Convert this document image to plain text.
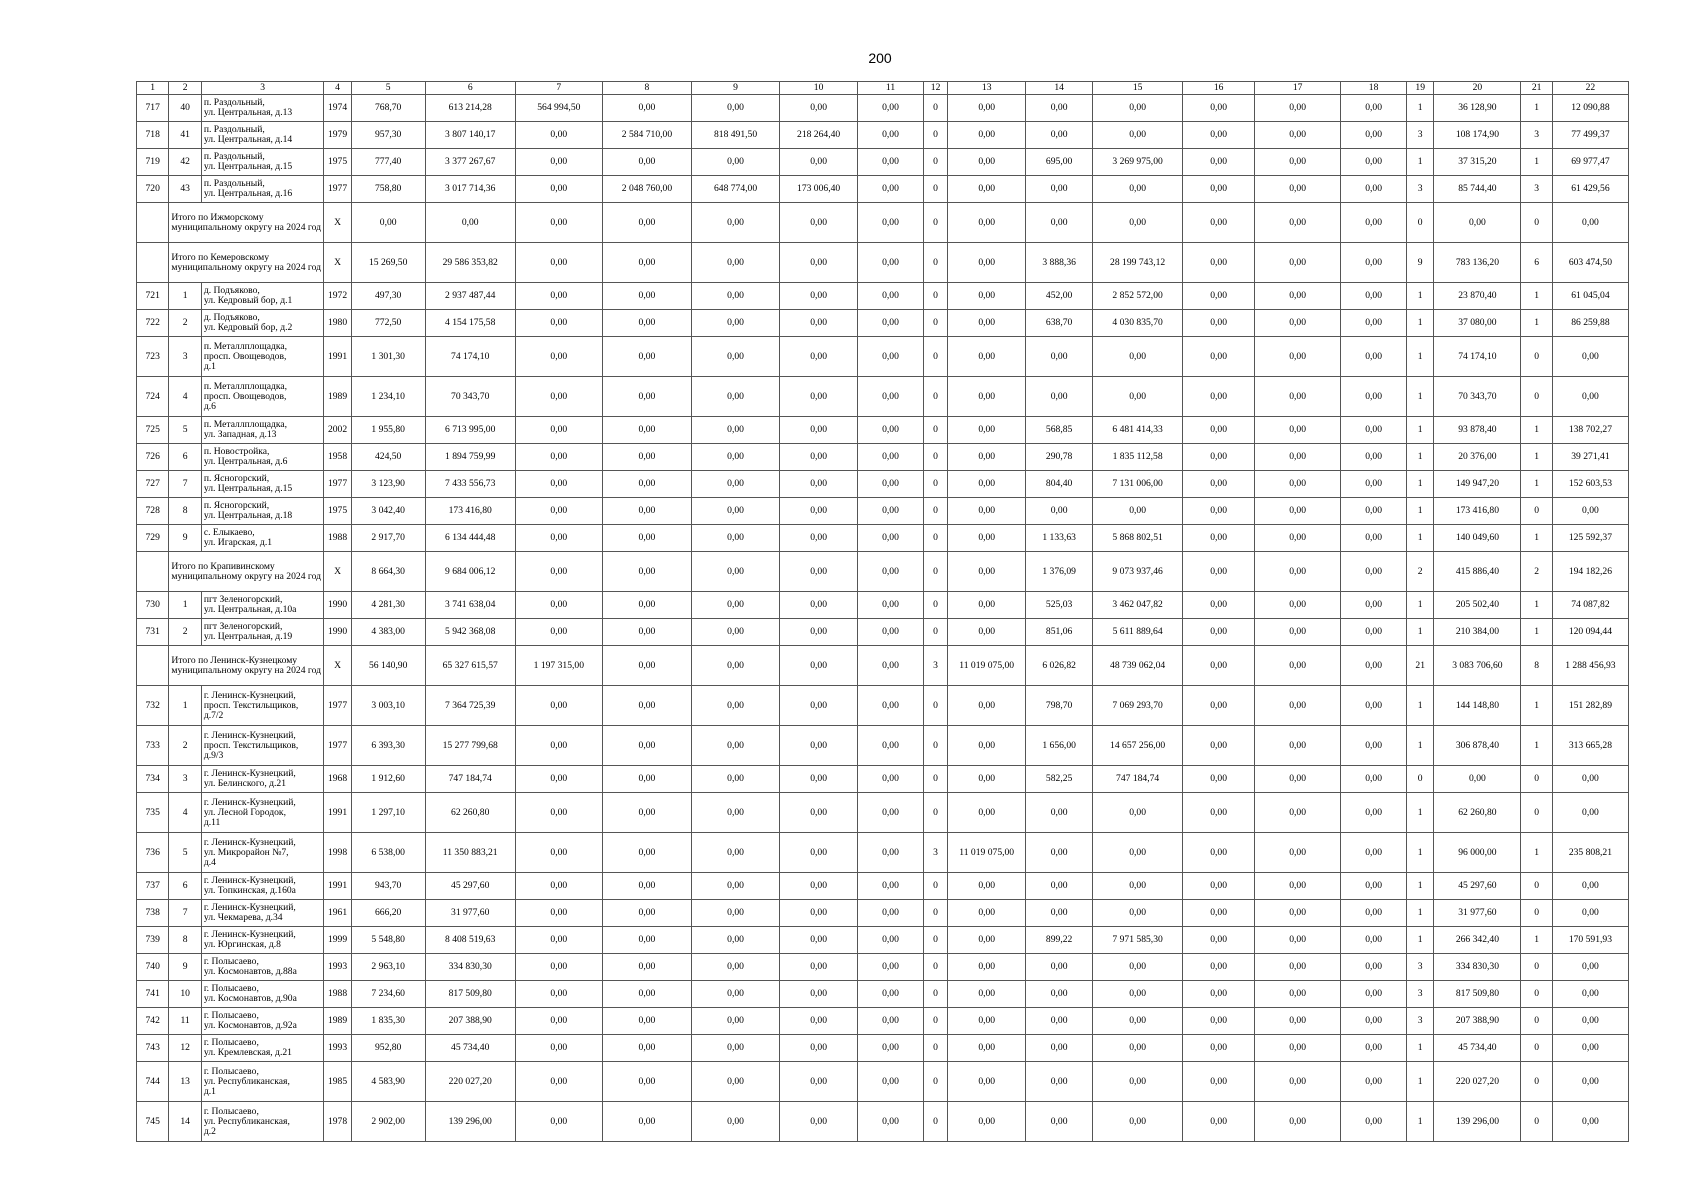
200
1	2	3	4	5	6	7	8	9	10	11	12	13	14	15	16	17	18	19	20	21	22
717	40	п. Раздольный,
ул. Центральная, д.13	1974	768,70	613 214,28	564 994,50	0,00	0,00	0,00	0,00	0	0,00	0,00	0,00	0,00	0,00	0,00	1	36 128,90	1	12 090,88
718	41	п. Раздольный,
ул. Центральная, д.14	1979	957,30	3 807 140,17	0,00	2 584 710,00	818 491,50	218 264,40	0,00	0	0,00	0,00	0,00	0,00	0,00	0,00	3	108 174,90	3	77 499,37
719	42	п. Раздольный,
ул. Центральная, д.15	1975	777,40	3 377 267,67	0,00	0,00	0,00	0,00	0,00	0	0,00	695,00	3 269 975,00	0,00	0,00	0,00	1	37 315,20	1	69 977,47
720	43	п. Раздольный,
ул. Центральная, д.16	1977	758,80	3 017 714,36	0,00	2 048 760,00	648 774,00	173 006,40	0,00	0	0,00	0,00	0,00	0,00	0,00	0,00	3	85 744,40	3	61 429,56
	Итого по Ижморскому муниципальному округу на 2024 год		X	0,00	0,00	0,00	0,00	0,00	0,00	0,00	0	0,00	0,00	0,00	0,00	0,00	0,00	0	0,00	0	0,00
	Итого по Кемеровскому муниципальному округу на 2024 год		X	15 269,50	29 586 353,82	0,00	0,00	0,00	0,00	0,00	0	0,00	3 888,36	28 199 743,12	0,00	0,00	0,00	9	783 136,20	6	603 474,50
721	1	д. Подъяково,
ул. Кедровый бор, д.1	1972	497,30	2 937 487,44	0,00	0,00	0,00	0,00	0,00	0	0,00	452,00	2 852 572,00	0,00	0,00	0,00	1	23 870,40	1	61 045,04
722	2	д. Подъяково,
ул. Кедровый бор, д.2	1980	772,50	4 154 175,58	0,00	0,00	0,00	0,00	0,00	0	0,00	638,70	4 030 835,70	0,00	0,00	0,00	1	37 080,00	1	86 259,88
723	3	п. Металлплощадка,
просп. Овощеводов,
д.1	1991	1 301,30	74 174,10	0,00	0,00	0,00	0,00	0,00	0	0,00	0,00	0,00	0,00	0,00	0,00	1	74 174,10	0	0,00
724	4	п. Металлплощадка,
просп. Овощеводов,
д.6	1989	1 234,10	70 343,70	0,00	0,00	0,00	0,00	0,00	0	0,00	0,00	0,00	0,00	0,00	0,00	1	70 343,70	0	0,00
725	5	п. Металлплощадка,
ул. Западная, д.13	2002	1 955,80	6 713 995,00	0,00	0,00	0,00	0,00	0,00	0	0,00	568,85	6 481 414,33	0,00	0,00	0,00	1	93 878,40	1	138 702,27
726	6	п. Новостройка,
ул. Центральная, д.6	1958	424,50	1 894 759,99	0,00	0,00	0,00	0,00	0,00	0	0,00	290,78	1 835 112,58	0,00	0,00	0,00	1	20 376,00	1	39 271,41
727	7	п. Ясногорский,
ул. Центральная, д.15	1977	3 123,90	7 433 556,73	0,00	0,00	0,00	0,00	0,00	0	0,00	804,40	7 131 006,00	0,00	0,00	0,00	1	149 947,20	1	152 603,53
728	8	п. Ясногорский,
ул. Центральная, д.18	1975	3 042,40	173 416,80	0,00	0,00	0,00	0,00	0,00	0	0,00	0,00	0,00	0,00	0,00	0,00	1	173 416,80	0	0,00
729	9	с. Елыкаево,
ул. Игарская, д.1	1988	2 917,70	6 134 444,48	0,00	0,00	0,00	0,00	0,00	0	0,00	1 133,63	5 868 802,51	0,00	0,00	0,00	1	140 049,60	1	125 592,37
	Итого по Крапивинскому муниципальному округу на 2024 год		X	8 664,30	9 684 006,12	0,00	0,00	0,00	0,00	0,00	0	0,00	1 376,09	9 073 937,46	0,00	0,00	0,00	2	415 886,40	2	194 182,26
730	1	пгт Зеленогорский,
ул. Центральная, д.10а	1990	4 281,30	3 741 638,04	0,00	0,00	0,00	0,00	0,00	0	0,00	525,03	3 462 047,82	0,00	0,00	0,00	1	205 502,40	1	74 087,82
731	2	пгт Зеленогорский,
ул. Центральная, д.19	1990	4 383,00	5 942 368,08	0,00	0,00	0,00	0,00	0,00	0	0,00	851,06	5 611 889,64	0,00	0,00	0,00	1	210 384,00	1	120 094,44
	Итого по Ленинск-Кузнецкому муниципальному округу на 2024 год		X	56 140,90	65 327 615,57	1 197 315,00	0,00	0,00	0,00	0,00	3	11 019 075,00	6 026,82	48 739 062,04	0,00	0,00	0,00	21	3 083 706,60	8	1 288 456,93
732	1	г. Ленинск-Кузнецкий,
просп. Текстильщиков,
д.7/2	1977	3 003,10	7 364 725,39	0,00	0,00	0,00	0,00	0,00	0	0,00	798,70	7 069 293,70	0,00	0,00	0,00	1	144 148,80	1	151 282,89
733	2	г. Ленинск-Кузнецкий,
просп. Текстильщиков,
д.9/3	1977	6 393,30	15 277 799,68	0,00	0,00	0,00	0,00	0,00	0	0,00	1 656,00	14 657 256,00	0,00	0,00	0,00	1	306 878,40	1	313 665,28
734	3	г. Ленинск-Кузнецкий,
ул. Белинского, д.21	1968	1 912,60	747 184,74	0,00	0,00	0,00	0,00	0,00	0	0,00	582,25	747 184,74	0,00	0,00	0,00	0	0,00	0	0,00
735	4	г. Ленинск-Кузнецкий,
ул. Лесной Городок,
д.11	1991	1 297,10	62 260,80	0,00	0,00	0,00	0,00	0,00	0	0,00	0,00	0,00	0,00	0,00	0,00	1	62 260,80	0	0,00
736	5	г. Ленинск-Кузнецкий,
ул. Микрорайон №7,
д.4	1998	6 538,00	11 350 883,21	0,00	0,00	0,00	0,00	0,00	3	11 019 075,00	0,00	0,00	0,00	0,00	0,00	1	96 000,00	1	235 808,21
737	6	г. Ленинск-Кузнецкий,
ул. Топкинская, д.160а	1991	943,70	45 297,60	0,00	0,00	0,00	0,00	0,00	0	0,00	0,00	0,00	0,00	0,00	0,00	1	45 297,60	0	0,00
738	7	г. Ленинск-Кузнецкий,
ул. Чекмарева, д.34	1961	666,20	31 977,60	0,00	0,00	0,00	0,00	0,00	0	0,00	0,00	0,00	0,00	0,00	0,00	1	31 977,60	0	0,00
739	8	г. Ленинск-Кузнецкий,
ул. Юргинская, д.8	1999	5 548,80	8 408 519,63	0,00	0,00	0,00	0,00	0,00	0	0,00	899,22	7 971 585,30	0,00	0,00	0,00	1	266 342,40	1	170 591,93
740	9	г. Полысаево,
ул. Космонавтов, д.88а	1993	2 963,10	334 830,30	0,00	0,00	0,00	0,00	0,00	0	0,00	0,00	0,00	0,00	0,00	0,00	3	334 830,30	0	0,00
741	10	г. Полысаево,
ул. Космонавтов, д.90а	1988	7 234,60	817 509,80	0,00	0,00	0,00	0,00	0,00	0	0,00	0,00	0,00	0,00	0,00	0,00	3	817 509,80	0	0,00
742	11	г. Полысаево,
ул. Космонавтов, д.92а	1989	1 835,30	207 388,90	0,00	0,00	0,00	0,00	0,00	0	0,00	0,00	0,00	0,00	0,00	0,00	3	207 388,90	0	0,00
743	12	г. Полысаево,
ул. Кремлевская, д.21	1993	952,80	45 734,40	0,00	0,00	0,00	0,00	0,00	0	0,00	0,00	0,00	0,00	0,00	0,00	1	45 734,40	0	0,00
744	13	г. Полысаево,
ул. Республиканская,
д.1	1985	4 583,90	220 027,20	0,00	0,00	0,00	0,00	0,00	0	0,00	0,00	0,00	0,00	0,00	0,00	1	220 027,20	0	0,00
745	14	г. Полысаево,
ул. Республиканская,
д.2	1978	2 902,00	139 296,00	0,00	0,00	0,00	0,00	0,00	0	0,00	0,00	0,00	0,00	0,00	0,00	1	139 296,00	0	0,00
